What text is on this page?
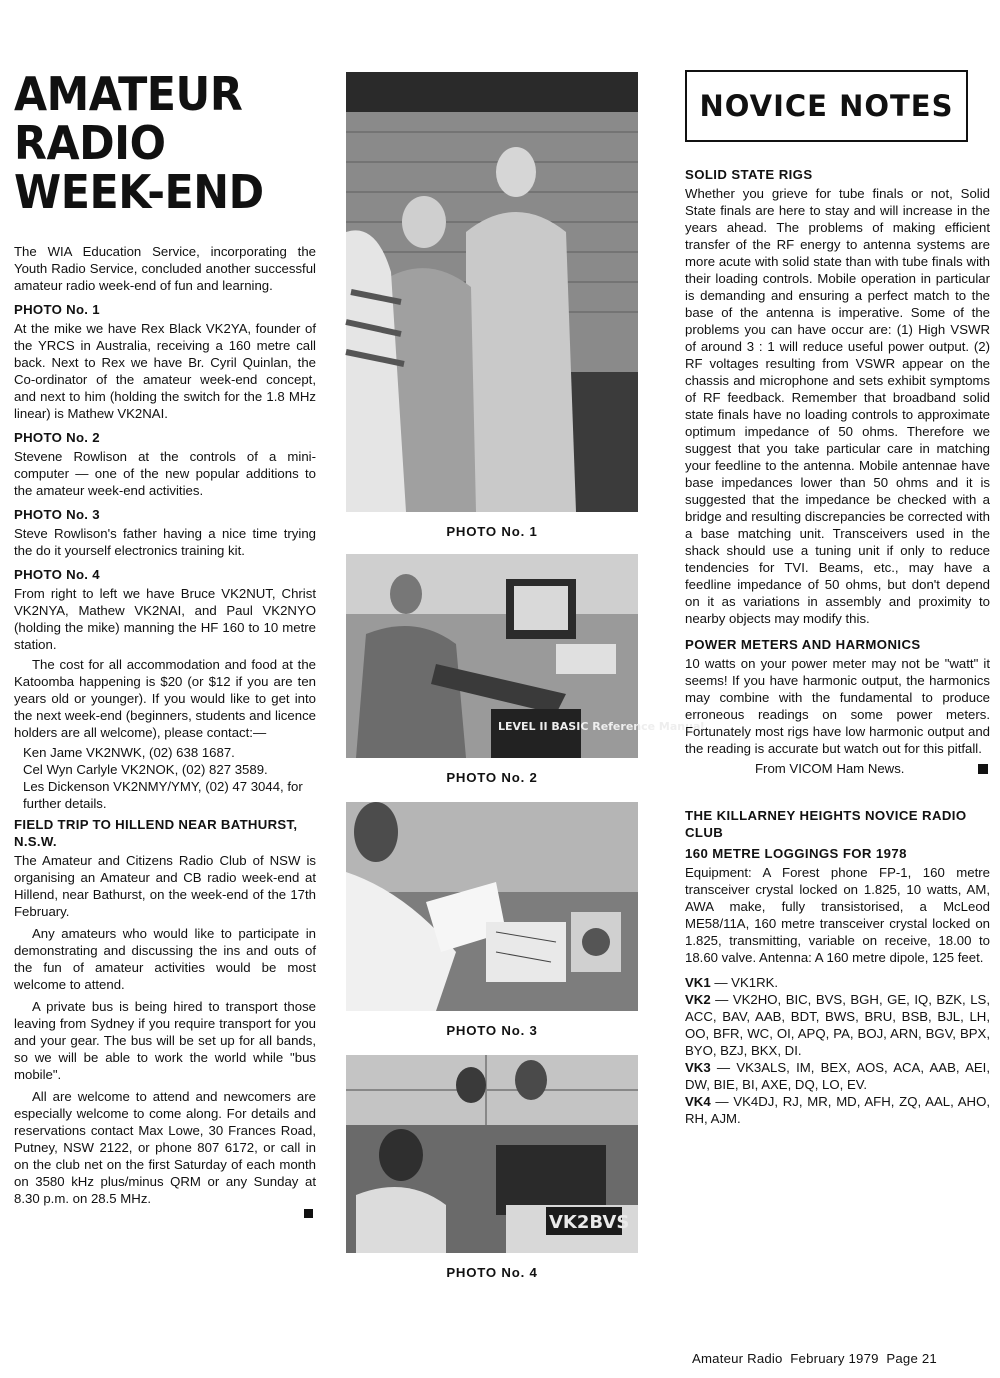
AMATEUR
RADIO
WEEK-END

The WIA Education Service, incorporating the Youth Radio Service, concluded another successful amateur radio week-end of fun and learning.

PHOTO No. 1

At the mike we have Rex Black VK2YA, founder of the YRCS in Australia, receiving a 160 metre call back. Next to Rex we have Br. Cyril Quinlan, the Co-ordinator of the amateur week-end concept, and next to him (holding the switch for the 1.8 MHz linear) is Mathew VK2NAI.

PHOTO No. 2

Stevene Rowlison at the controls of a mini-computer — one of the new popular additions to the amateur week-end activities.

PHOTO No. 3

Steve Rowlison's father having a nice time trying the do it yourself electronics training kit.

PHOTO No. 4

From right to left we have Bruce VK2NUT, Christ VK2NYA, Mathew VK2NAI, and Paul VK2NYO (holding the mike) manning the HF 160 to 10 metre station.

The cost for all accommodation and food at the Katoomba happening is $20 (or $12 if you are ten years old or younger). If you would like to get into the next week-end (beginners, students and licence holders are all welcome), please contact:—

Ken Jame VK2NWK, (02) 638 1687.
Cel Wyn Carlyle VK2NOK, (02) 827 3589.
Les Dickenson VK2NMY/YMY, (02) 47 3044, for further details.
FIELD TRIP TO HILLEND NEAR BATHURST, N.S.W.

The Amateur and Citizens Radio Club of NSW is organising an Amateur and CB radio week-end at Hillend, near Bathurst, on the week-end of the 17th February.

Any amateurs who would like to participate in demonstrating and discussing the ins and outs of the fun of amateur activities would be most welcome to attend.

A private bus is being hired to transport those leaving from Sydney if you require transport for you and your gear. The bus will be set up for all bands, so we will be able to work the world while "bus mobile".

All are welcome to attend and newcomers are especially welcome to come along. For details and reservations contact Max Lowe, 30 Frances Road, Putney, NSW 2122, or phone 807 6172, or call in on the club net on the first Saturday of each month on 3580 kHz plus/minus QRM or any Sunday at 8.30 p.m. on 28.5 MHz.

PHOTO No. 1
LEVEL II BASIC Reference Manual
PHOTO No. 2
PHOTO No. 3
VK2BVS
PHOTO No. 4
NOVICE NOTES
SOLID STATE RIGS

Whether you grieve for tube finals or not, Solid State finals are here to stay and will increase in the years ahead. The problems of making efficient transfer of the RF energy to antenna systems are more acute with solid state than with tube finals with their loading controls. Mobile operation in particular is demanding and ensuring a perfect match to the base of the antenna is imperative. Some of the problems you can have occur are: (1) High VSWR of around 3 : 1 will reduce useful power output. (2) RF voltages resulting from VSWR appear on the chassis and microphone and sets exhibit symptoms of RF feedback. Remember that broadband solid state finals have no loading controls to approximate optimum impedance of 50 ohms. Therefore we suggest that you take particular care in matching your feedline to the antenna. Mobile antennae have base impedances lower than 50 ohms and it is suggested that the impedance be checked with a bridge and resulting discrepancies be corrected with a base matching unit. Transceivers used in the shack should use a tuning unit if only to reduce tendencies for TVI. Beams, etc., may have a feedline impedance of 50 ohms, but don't depend on it as variations in assembly and proximity to nearby objects may modify this.

POWER METERS AND HARMONICS

10 watts on your power meter may not be "watt" it seems! If you have harmonic output, the harmonics may combine with the fundamental to produce erroneous readings on some power meters. Fortunately most rigs have low harmonic output and the reading is accurate but watch out for this pitfall.

From VICOM Ham News.
THE KILLARNEY HEIGHTS NOVICE RADIO CLUB
160 METRE LOGGINGS FOR 1978

Equipment: A Forest phone FP-1, 160 metre transceiver crystal locked on 1.825, 10 watts, AM, AWA make, fully transistorised, a McLeod ME58/11A, 160 metre transceiver crystal locked on 1.825, transmitting, variable on receive, 18.00 to 18.60 valve. Antenna: A 160 metre dipole, 125 feet.

VK1 — VK1RK.

VK2 — VK2HO, BIC, BVS, BGH, GE, IQ, BZK, LS, ACC, BAV, AAB, BDT, BWS, BRU, BSB, BJL, LH, OO, BFR, WC, OI, APQ, PA, BOJ, ARN, BGV, BPX, BYO, BZJ, BKX, DI.

VK3 — VK3ALS, IM, BEX, AOS, ACA, AAB, AEI, DW, BIE, BI, AXE, DQ, LO, EV.

VK4 — VK4DJ, RJ, MR, MD, AFH, ZQ, AAL, AHO, RH, AJM.

Amateur Radio  February 1979  Page 21
